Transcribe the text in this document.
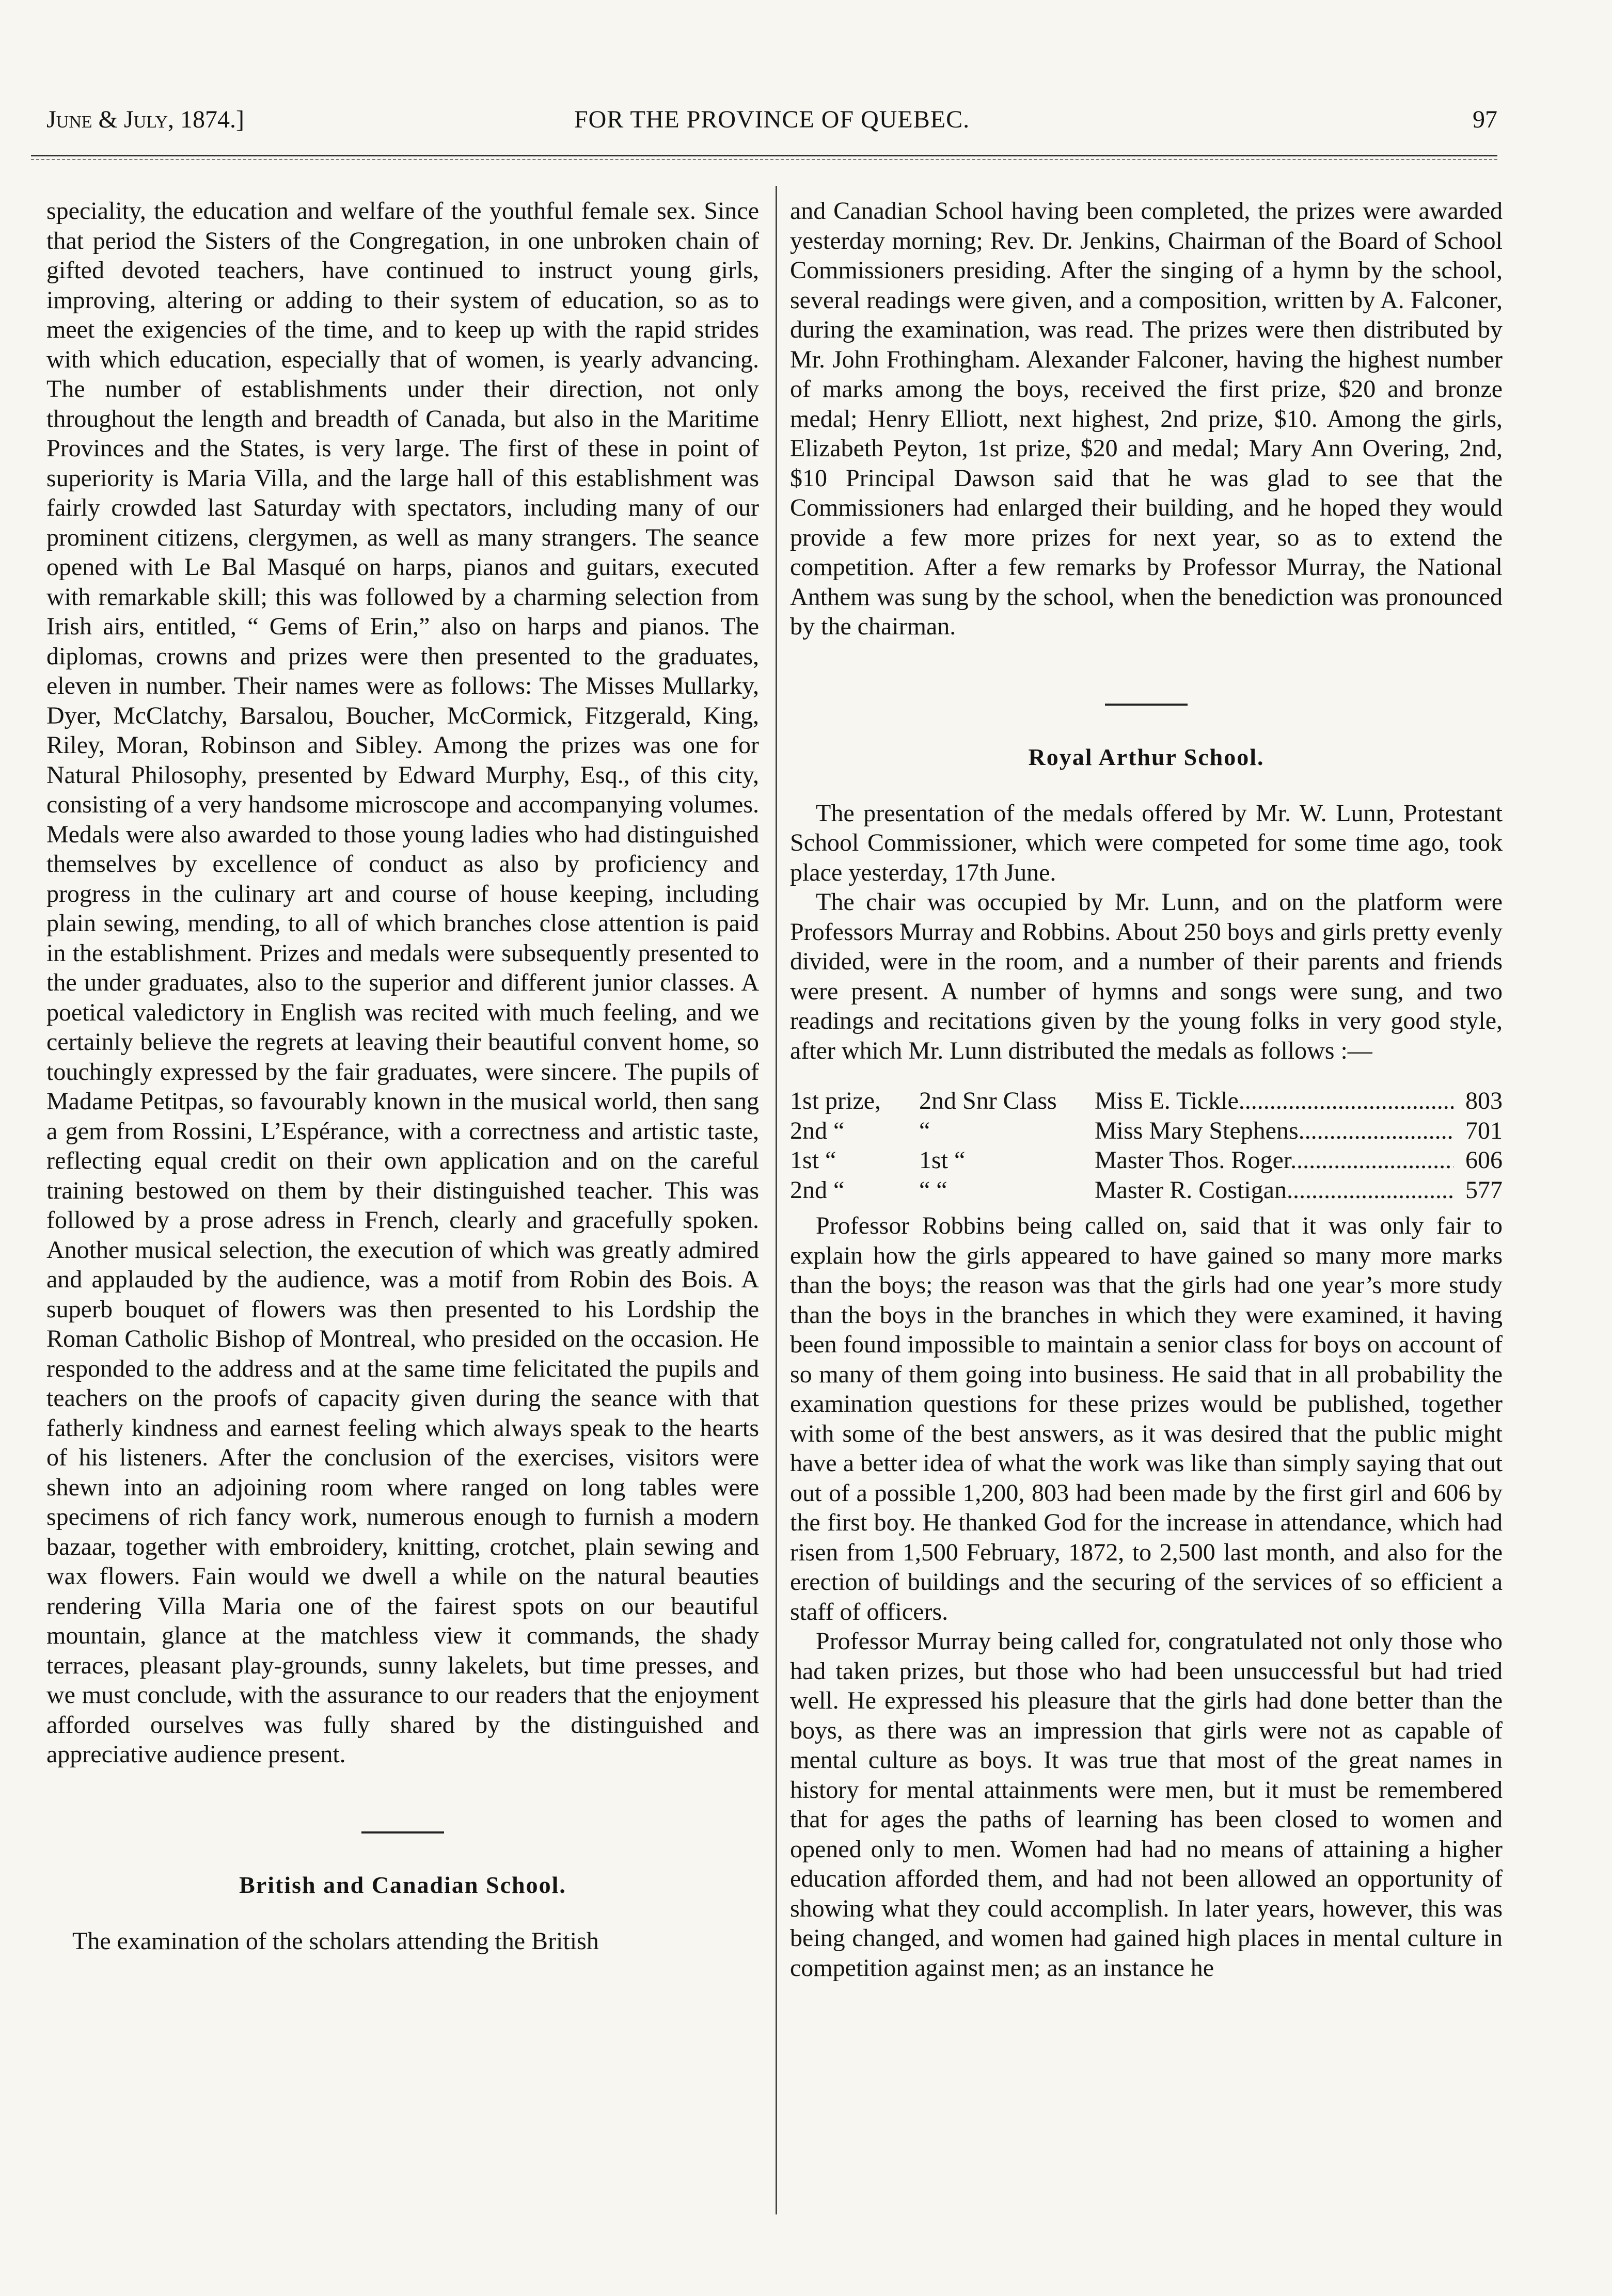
June & July, 1874.]	FOR THE PROVINCE OF QUEBEC.	97

speciality, the education and welfare of the youthful female sex. Since that period the Sisters of the Congregation, in one unbroken chain of gifted devoted teachers, have continued to instruct young girls, improving, altering or adding to their system of education, so as to meet the exigencies of the time, and to keep up with the rapid strides with which education, especially that of women, is yearly advancing. The number of establishments under their direction, not only throughout the length and breadth of Canada, but also in the Maritime Provinces and the States, is very large. The first of these in point of superiority is Maria Villa, and the large hall of this establishment was fairly crowded last Saturday with spectators, including many of our prominent citizens, clergymen, as well as many strangers. The seance opened with Le Bal Masqué on harps, pianos and guitars, executed with remarkable skill; this was followed by a charming selection from Irish airs, entitled, “ Gems of Erin,” also on harps and pianos. The diplomas, crowns and prizes were then presented to the graduates, eleven in number. Their names were as follows: The Misses Mullarky, Dyer, McClatchy, Barsalou, Boucher, McCormick, Fitzgerald, King, Riley, Moran, Robinson and Sibley. Among the prizes was one for Natural Philosophy, presented by Edward Murphy, Esq., of this city, consisting of a very handsome microscope and accompanying volumes. Medals were also awarded to those young ladies who had distinguished themselves by excellence of conduct as also by proficiency and progress in the culinary art and course of house keeping, including plain sewing, mending, to all of which branches close attention is paid in the establishment. Prizes and medals were subsequently presented to the under graduates, also to the superior and different junior classes. A poetical valedictory in English was recited with much feeling, and we certainly believe the regrets at leaving their beautiful convent home, so touchingly expressed by the fair graduates, were sincere. The pupils of Madame Petitpas, so favourably known in the musical world, then sang a gem from Rossini, L’Espérance, with a correctness and artistic taste, reflecting equal credit on their own application and on the careful training bestowed on them by their distinguished teacher. This was followed by a prose adress in French, clearly and gracefully spoken. Another musical selection, the execution of which was greatly admired and applauded by the audience, was a motif from Robin des Bois. A superb bouquet of flowers was then presented to his Lordship the Roman Catholic Bishop of Montreal, who presided on the occasion. He responded to the address and at the same time felicitated the pupils and teachers on the proofs of capacity given during the seance with that fatherly kindness and earnest feeling which always speak to the hearts of his listeners. After the conclusion of the exercises, visitors were shewn into an adjoining room where ranged on long tables were specimens of rich fancy work, numerous enough to furnish a modern bazaar, together with embroidery, knitting, crotchet, plain sewing and wax flowers. Fain would we dwell a while on the natural beauties rendering Villa Maria one of the fairest spots on our beautiful mountain, glance at the matchless view it commands, the shady terraces, pleasant play-grounds, sunny lakelets, but time presses, and we must conclude, with the assurance to our readers that the enjoyment afforded ourselves was fully shared by the distinguished and appreciative audience present.

British and Canadian School.

The examination of the scholars attending the British

and Canadian School having been completed, the prizes were awarded yesterday morning; Rev. Dr. Jenkins, Chairman of the Board of School Commissioners presiding. After the singing of a hymn by the school, several readings were given, and a composition, written by A. Falconer, during the examination, was read. The prizes were then distributed by Mr. John Frothingham. Alexander Falconer, having the highest number of marks among the boys, received the first prize, $20 and bronze medal; Henry Elliott, next highest, 2nd prize, $10. Among the girls, Elizabeth Peyton, 1st prize, $20 and medal; Mary Ann Overing, 2nd, $10 Principal Dawson said that he was glad to see that the Commissioners had enlarged their building, and he hoped they would provide a few more prizes for next year, so as to extend the competition. After a few remarks by Professor Murray, the National Anthem was sung by the school, when the benediction was pronounced by the chairman.

Royal Arthur School.

The presentation of the medals offered by Mr. W. Lunn, Protestant School Commissioner, which were competed for some time ago, took place yesterday, 17th June.

The chair was occupied by Mr. Lunn, and on the platform were Professors Murray and Robbins. About 250 boys and girls pretty evenly divided, were in the room, and a number of their parents and friends were present. A number of hymns and songs were sung, and two readings and recitations given by the young folks in very good style, after which Mr. Lunn distributed the medals as follows :—

1st prize,	2nd Snr Class	Miss E. Tickle .....	803
2nd “	“	Miss Mary Stephens .....	701
1st “	1st “	Master Thos. Roger .....	606
2nd “	“ “	Master R. Costigan .....	577

Professor Robbins being called on, said that it was only fair to explain how the girls appeared to have gained so many more marks than the boys; the reason was that the girls had one year’s more study than the boys in the branches in which they were examined, it having been found impossible to maintain a senior class for boys on account of so many of them going into business. He said that in all probability the examination questions for these prizes would be published, together with some of the best answers, as it was desired that the public might have a better idea of what the work was like than simply saying that out out of a possible 1,200, 803 had been made by the first girl and 606 by the first boy. He thanked God for the increase in attendance, which had risen from 1,500 February, 1872, to 2,500 last month, and also for the erection of buildings and the securing of the services of so efficient a staff of officers.

Professor Murray being called for, congratulated not only those who had taken prizes, but those who had been unsuccessful but had tried well. He expressed his pleasure that the girls had done better than the boys, as there was an impression that girls were not as capable of mental culture as boys. It was true that most of the great names in history for mental attainments were men, but it must be remembered that for ages the paths of learning has been closed to women and opened only to men. Women had had no means of attaining a higher education afforded them, and had not been allowed an opportunity of showing what they could accomplish. In later years, however, this was being changed, and women had gained high places in mental culture in competition against men; as an instance he
